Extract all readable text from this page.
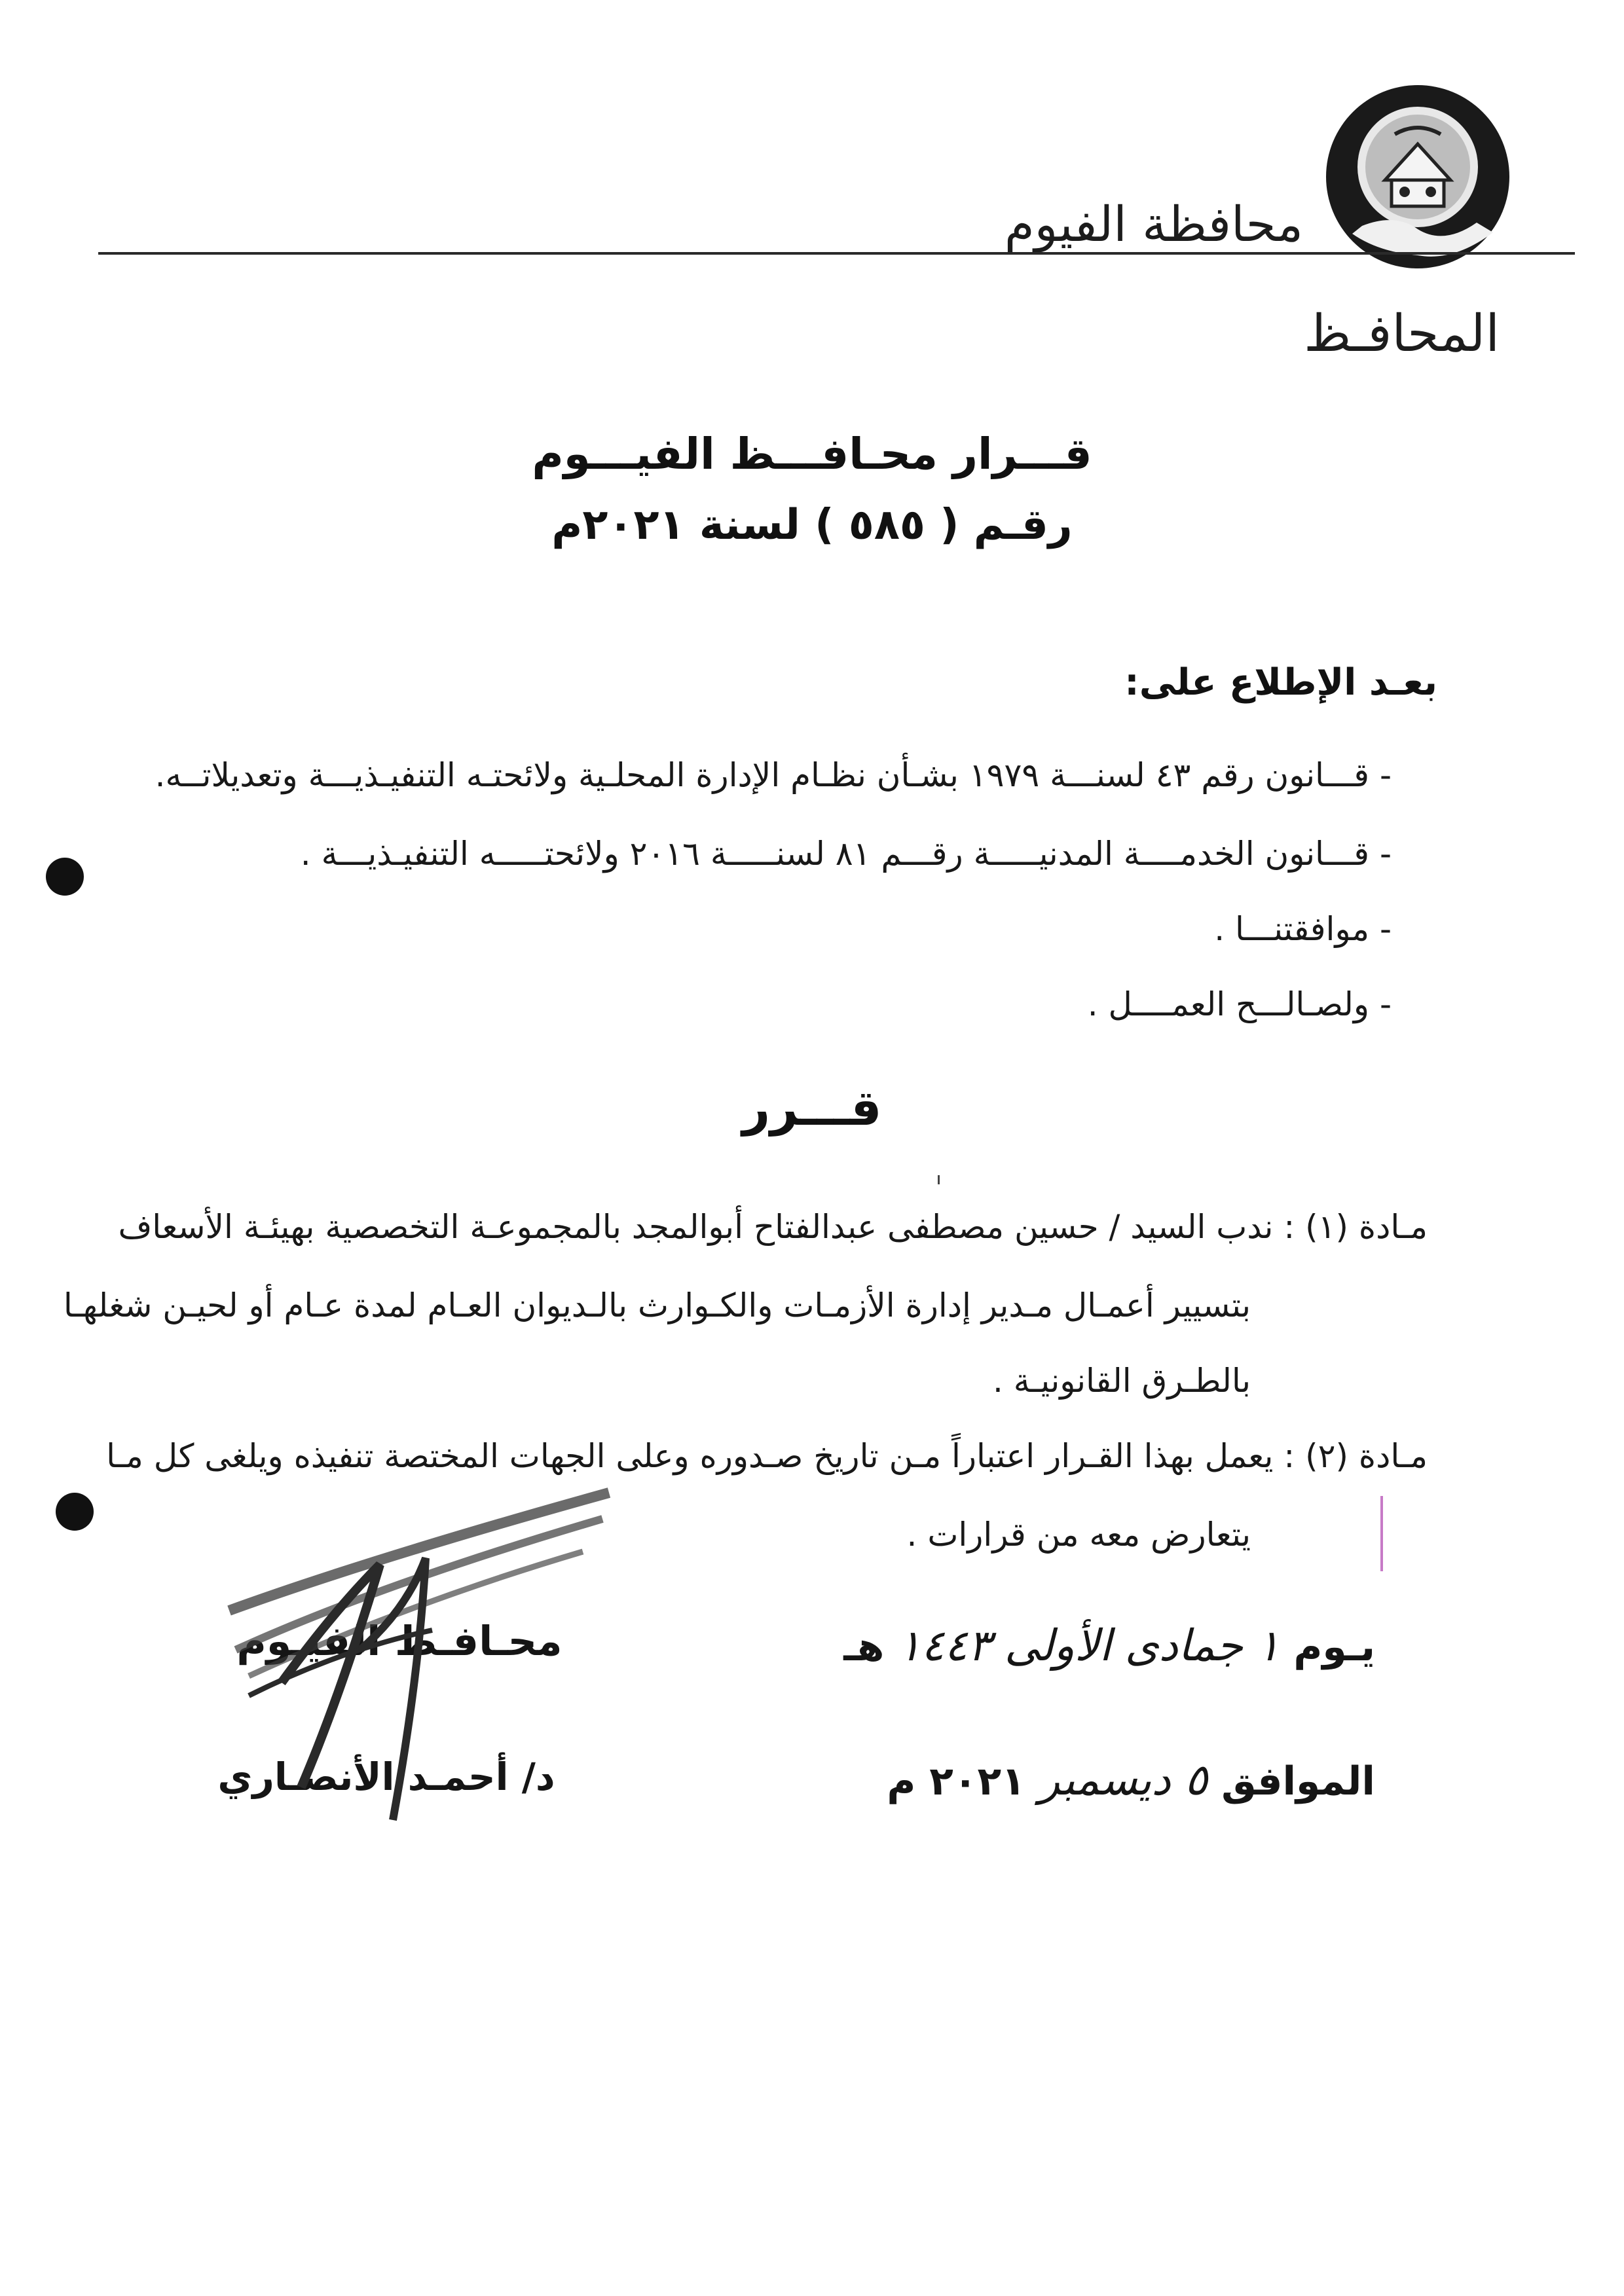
محافظة الفيوم
المحافـظ
قـــرار محـافـــظ الفيـــوم
رقـم ( ٥٨٥ ) لسنة ٢٠٢١م
بعـد الإطلاع على:
- قـــانون رقم ٤٣ لسنـــة ١٩٧٩ بشـأن نظـام الإدارة المحلـية ولائحتـه التنفيـذيـــة وتعديلاتــه.
- قـــانون الخدمــــة المدنيـــــة رقـــم ٨١ لسنـــــة ٢٠١٦ ولائحتـــــه التنفيـذيـــة .
- موافقتنـــا .
- ولصـالـــح العمــــل .
قـــرر
مـادة (١) : ندب السيد / حسين مصطفى عبدالفتاح أبوالمجد بالمجموعـة التخصصية بهيئـة الأسعاف
بتسيير أعمـال مـدير إدارة الأزمـات والكـوارث بالـديوان العـام لمدة عـام أو لحيـن شغلهـا
بالطـرق القانونيـة .
مـادة (٢) : يعمل بهذا القـرار اعتباراً مـن تاريخ صـدوره وعلى الجهات المختصة تنفيذه ويلغى كل مـا
يتعارض معه من قرارات .
يـوم ١ جمادى الأولى ١٤٤٣ هـ
الموافق ٥ ديسمبر ٢٠٢١ م
محـافـظ الفيـوم
د/ أحمـد الأنصـاري
